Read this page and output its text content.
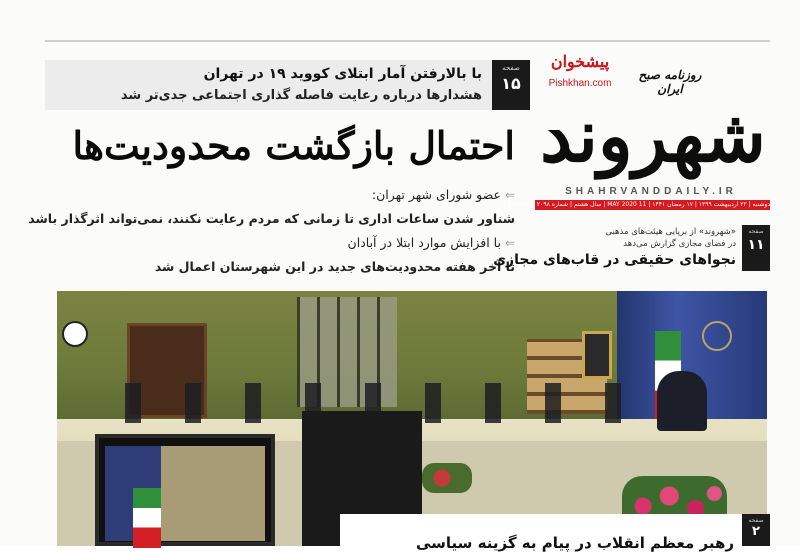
پیشخوان
Pishkhan.com
روزنامه صبح ایران
شهروند
SHAHRVANDDAILY.IR
دوشنبه | ۲۲ اردیبهشت ۱۳۹۹ | ۱۷ رمضان ۱۴۴۱ | 11 MAY 2020 | سال هشتم | شماره ۲۰۹۸ | ۱۶ صفحه | ۱۰۰۰ تومان
صفحه
۱۵
با بالارفتن آمار ابتلای کووید ۱۹ در تهران
هشدارها درباره رعایت فاصله گذاری اجتماعی جدی‌تر شد
احتمال بازگشت محدودیت‌ها
⇐عضو شورای شهر تهران:
شناور شدن ساعات اداری تا زمانی که مردم رعایت نکنند، نمی‌تواند اثرگذار باشد
⇐با افزایش موارد ابتلا در آبادان
تا آخر هفته محدودیت‌های جدید در این شهرستان اعمال شد
صفحه
۱۱
«شهروند» از برپایی هیئت‌های مذهبی
در فضای مجازی گزارش می‌دهد
نجواهای حقیقی در قاب‌های مجازی
صفحه
۲
رهبر معظم انقلاب در پیام به گزینه سیاسی
